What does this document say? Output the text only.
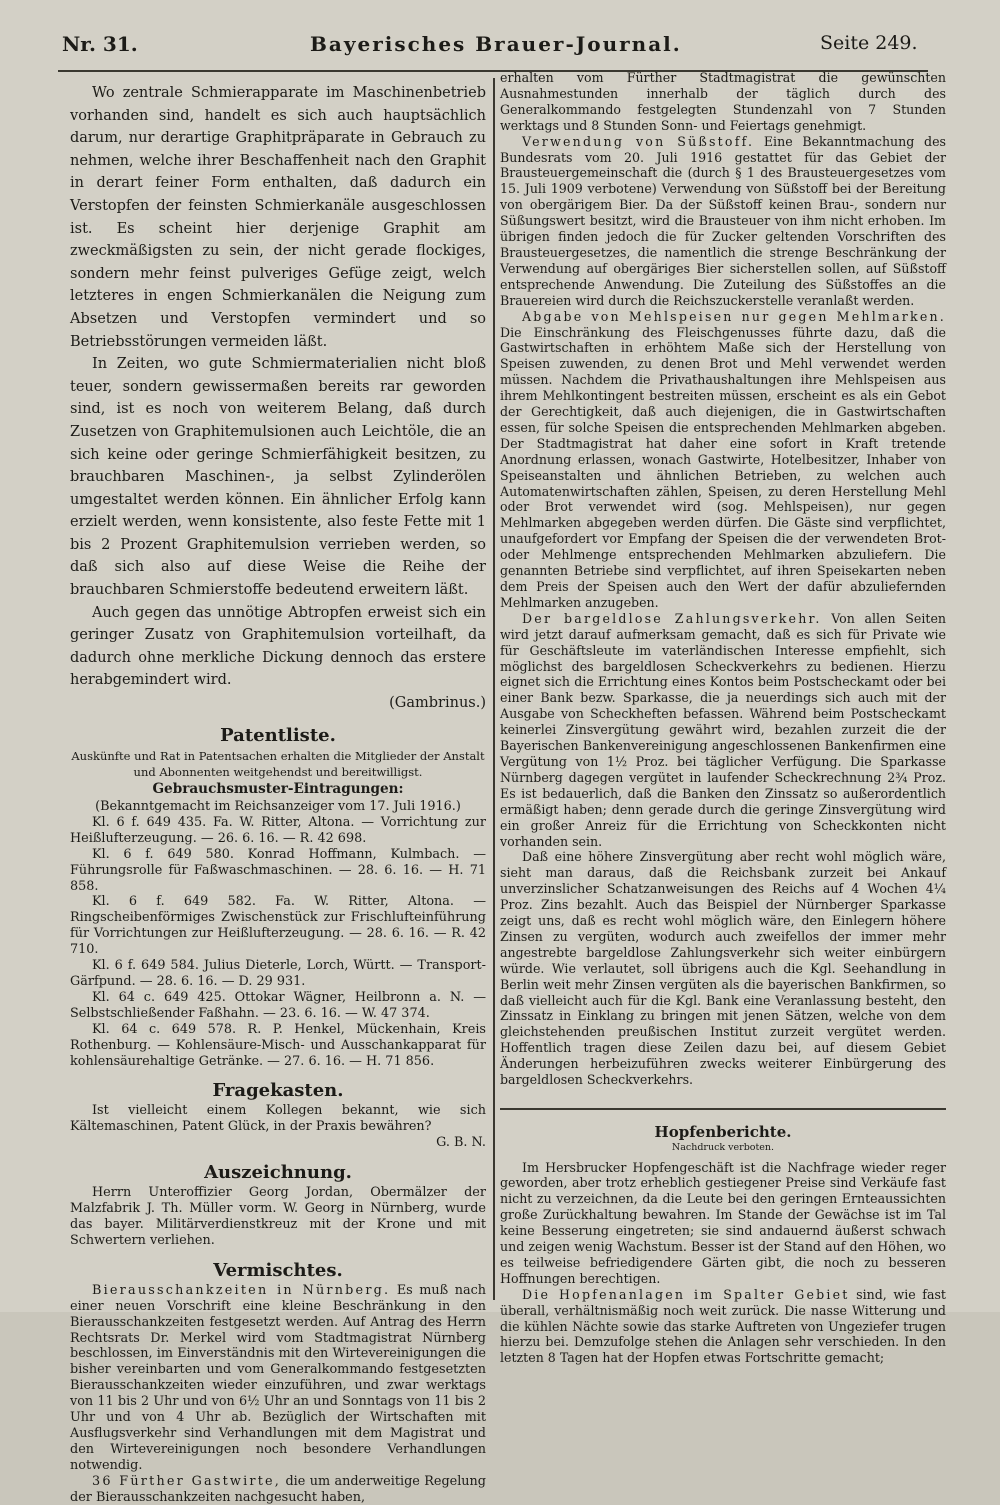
Nr. 31.	Bayerisches Brauer-Journal.	Seite 249.

Wo zentrale Schmierapparate im Maschinenbetrieb vorhanden sind, handelt es sich auch hauptsächlich darum, nur derartige Graphitpräparate in Gebrauch zu nehmen, welche ihrer Beschaffenheit nach den Graphit in derart feiner Form enthalten, daß dadurch ein Verstopfen der feinsten Schmierkanäle ausgeschlossen ist. Es scheint hier derjenige Graphit am zweckmäßigsten zu sein, der nicht gerade flockiges, sondern mehr feinst pulveriges Gefüge zeigt, welch letzteres in engen Schmierkanälen die Neigung zum Absetzen und Verstopfen vermindert und so Betriebsstörungen vermeiden läßt.

In Zeiten, wo gute Schmiermaterialien nicht bloß teuer, sondern gewissermaßen bereits rar geworden sind, ist es noch von weiterem Belang, daß durch Zusetzen von Graphitemulsionen auch Leichtöle, die an sich keine oder geringe Schmierfähigkeit besitzen, zu brauchbaren Maschinen-, ja selbst Zylinderölen umgestaltet werden können. Ein ähnlicher Erfolg kann erzielt werden, wenn konsistente, also feste Fette mit 1 bis 2 Prozent Graphitemulsion verrieben werden, so daß sich also auf diese Weise die Reihe der brauchbaren Schmierstoffe bedeutend erweitern läßt.

Auch gegen das unnötige Abtropfen erweist sich ein geringer Zusatz von Graphitemulsion vorteilhaft, da dadurch ohne merkliche Dickung dennoch das erstere herabgemindert wird.

(Gambrinus.)

Patentliste.

Auskünfte und Rat in Patentsachen erhalten die Mitglieder der Anstalt und Abonnenten weitgehendst und bereitwilligst.

Gebrauchsmuster-Eintragungen:

(Bekanntgemacht im Reichsanzeiger vom 17. Juli 1916.)

Kl. 6 f. 649 435. Fa. W. Ritter, Altona. — Vorrichtung zur Heißlufterzeugung. — 26. 6. 16. — R. 42 698.

Kl. 6 f. 649 580. Konrad Hoffmann, Kulmbach. — Führungsrolle für Faßwaschmaschinen. — 28. 6. 16. — H. 71 858.

Kl. 6 f. 649 582. Fa. W. Ritter, Altona. — Ringscheibenförmiges Zwischenstück zur Frischlufteinführung für Vorrichtungen zur Heißlufterzeugung. — 28. 6. 16. — R. 42 710.

Kl. 6 f. 649 584. Julius Dieterle, Lorch, Württ. — Transport-Gärfpund. — 28. 6. 16. — D. 29 931.

Kl. 64 c. 649 425. Ottokar Wägner, Heilbronn a. N. — Selbstschließender Faßhahn. — 23. 6. 16. — W. 47 374.

Kl. 64 c. 649 578. R. P. Henkel, Mückenhain, Kreis Rothenburg. — Kohlensäure-Misch- und Ausschankapparat für kohlensäurehaltige Getränke. — 27. 6. 16. — H. 71 856.

Fragekasten.

Ist vielleicht einem Kollegen bekannt, wie sich Kältemaschinen, Patent Glück, in der Praxis bewähren?

G. B. N.

Auszeichnung.

Herrn Unteroffizier Georg Jordan, Obermälzer der Malzfabrik J. Th. Müller vorm. W. Georg in Nürnberg, wurde das bayer. Militärverdienstkreuz mit der Krone und mit Schwertern verliehen.

Vermischtes.

Bierausschankzeiten in Nürnberg. Es muß nach einer neuen Vorschrift eine kleine Beschränkung in den Bierausschankzeiten festgesetzt werden. Auf Antrag des Herrn Rechtsrats Dr. Merkel wird vom Stadtmagistrat Nürnberg beschlossen, im Einverständnis mit den Wirtevereinigungen die bisher vereinbarten und vom Generalkommando festgesetzten Bierausschankzeiten wieder einzuführen, und zwar werktags von 11 bis 2 Uhr und von 6½ Uhr an und Sonntags von 11 bis 2 Uhr und von 4 Uhr ab. Bezüglich der Wirtschaften mit Ausflugsverkehr sind Verhandlungen mit dem Magistrat und den Wirtevereinigungen noch besondere Verhandlungen notwendig.

36 Fürther Gastwirte, die um anderweitige Regelung der Bierausschankzeiten nachgesucht haben,

erhalten vom Fürther Stadtmagistrat die gewünschten Ausnahmestunden innerhalb der täglich durch des Generalkommando festgelegten Stundenzahl von 7 Stunden werktags und 8 Stunden Sonn- und Feiertags genehmigt.

Verwendung von Süßstoff. Eine Bekanntmachung des Bundesrats vom 20. Juli 1916 gestattet für das Gebiet der Brausteuergemeinschaft die (durch § 1 des Brausteuergesetzes vom 15. Juli 1909 verbotene) Verwendung von Süßstoff bei der Bereitung von obergärigem Bier. Da der Süßstoff keinen Brau-, sondern nur Süßungswert besitzt, wird die Brausteuer von ihm nicht erhoben. Im übrigen finden jedoch die für Zucker geltenden Vorschriften des Brausteuergesetzes, die namentlich die strenge Beschränkung der Verwendung auf obergäriges Bier sicherstellen sollen, auf Süßstoff entsprechende Anwendung. Die Zuteilung des Süßstoffes an die Brauereien wird durch die Reichszuckerstelle veranlaßt werden.

Abgabe von Mehlspeisen nur gegen Mehlmarken. Die Einschränkung des Fleischgenusses führte dazu, daß die Gastwirtschaften in erhöhtem Maße sich der Herstellung von Speisen zuwenden, zu denen Brot und Mehl verwendet werden müssen. Nachdem die Privathaushaltungen ihre Mehlspeisen aus ihrem Mehlkontingent bestreiten müssen, erscheint es als ein Gebot der Gerechtigkeit, daß auch diejenigen, die in Gastwirtschaften essen, für solche Speisen die entsprechenden Mehlmarken abgeben. Der Stadtmagistrat hat daher eine sofort in Kraft tretende Anordnung erlassen, wonach Gastwirte, Hotelbesitzer, Inhaber von Speiseanstalten und ähnlichen Betrieben, zu welchen auch Automatenwirtschaften zählen, Speisen, zu deren Herstellung Mehl oder Brot verwendet wird (sog. Mehlspeisen), nur gegen Mehlmarken abgegeben werden dürfen. Die Gäste sind verpflichtet, unaufgefordert vor Empfang der Speisen die der verwendeten Brot- oder Mehlmenge entsprechenden Mehlmarken abzuliefern. Die genannten Betriebe sind verpflichtet, auf ihren Speisekarten neben dem Preis der Speisen auch den Wert der dafür abzuliefernden Mehlmarken anzugeben.

Der bargeldlose Zahlungsverkehr. Von allen Seiten wird jetzt darauf aufmerksam gemacht, daß es sich für Private wie für Geschäftsleute im vaterländischen Interesse empfiehlt, sich möglichst des bargeldlosen Scheckverkehrs zu bedienen. Hierzu eignet sich die Errichtung eines Kontos beim Postscheckamt oder bei einer Bank bezw. Sparkasse, die ja neuerdings sich auch mit der Ausgabe von Scheckheften befassen. Während beim Postscheckamt keinerlei Zinsvergütung gewährt wird, bezahlen zurzeit die der Bayerischen Bankenvereinigung angeschlossenen Bankenfirmen eine Vergütung von 1½ Proz. bei täglicher Verfügung. Die Sparkasse Nürnberg dagegen vergütet in laufender Scheckrechnung 2¾ Proz. Es ist bedauerlich, daß die Banken den Zinssatz so außerordentlich ermäßigt haben; denn gerade durch die geringe Zinsvergütung wird ein großer Anreiz für die Errichtung von Scheckkonten nicht vorhanden sein.

Daß eine höhere Zinsvergütung aber recht wohl möglich wäre, sieht man daraus, daß die Reichsbank zurzeit bei Ankauf unverzinslicher Schatzanweisungen des Reichs auf 4 Wochen 4¼ Proz. Zins bezahlt. Auch das Beispiel der Nürnberger Sparkasse zeigt uns, daß es recht wohl möglich wäre, den Einlegern höhere Zinsen zu vergüten, wodurch auch zweifellos der immer mehr angestrebte bargeldlose Zahlungsverkehr sich weiter einbürgern würde. Wie verlautet, soll übrigens auch die Kgl. Seehandlung in Berlin weit mehr Zinsen vergüten als die bayerischen Bankfirmen, so daß vielleicht auch für die Kgl. Bank eine Veranlassung besteht, den Zinssatz in Einklang zu bringen mit jenen Sätzen, welche von dem gleichstehenden preußischen Institut zurzeit vergütet werden. Hoffentlich tragen diese Zeilen dazu bei, auf diesem Gebiet Änderungen herbeizuführen zwecks weiterer Einbürgerung des bargeldlosen Scheckverkehrs.

Hopfenberichte.

Nachdruck verboten.

Im Hersbrucker Hopfengeschäft ist die Nachfrage wieder reger geworden, aber trotz erheblich gestiegener Preise sind Verkäufe fast nicht zu verzeichnen, da die Leute bei den geringen Ernteaussichten große Zurückhaltung bewahren. Im Stande der Gewächse ist im Tal keine Besserung eingetreten; sie sind andauernd äußerst schwach und zeigen wenig Wachstum. Besser ist der Stand auf den Höhen, wo es teilweise befriedigendere Gärten gibt, die noch zu besseren Hoffnungen berechtigen.

Die Hopfenanlagen im Spalter Gebiet sind, wie fast überall, verhältnismäßig noch weit zurück. Die nasse Witterung und die kühlen Nächte sowie das starke Auftreten von Ungeziefer trugen hierzu bei. Demzufolge stehen die Anlagen sehr verschieden. In den letzten 8 Tagen hat der Hopfen etwas Fortschritte gemacht;
